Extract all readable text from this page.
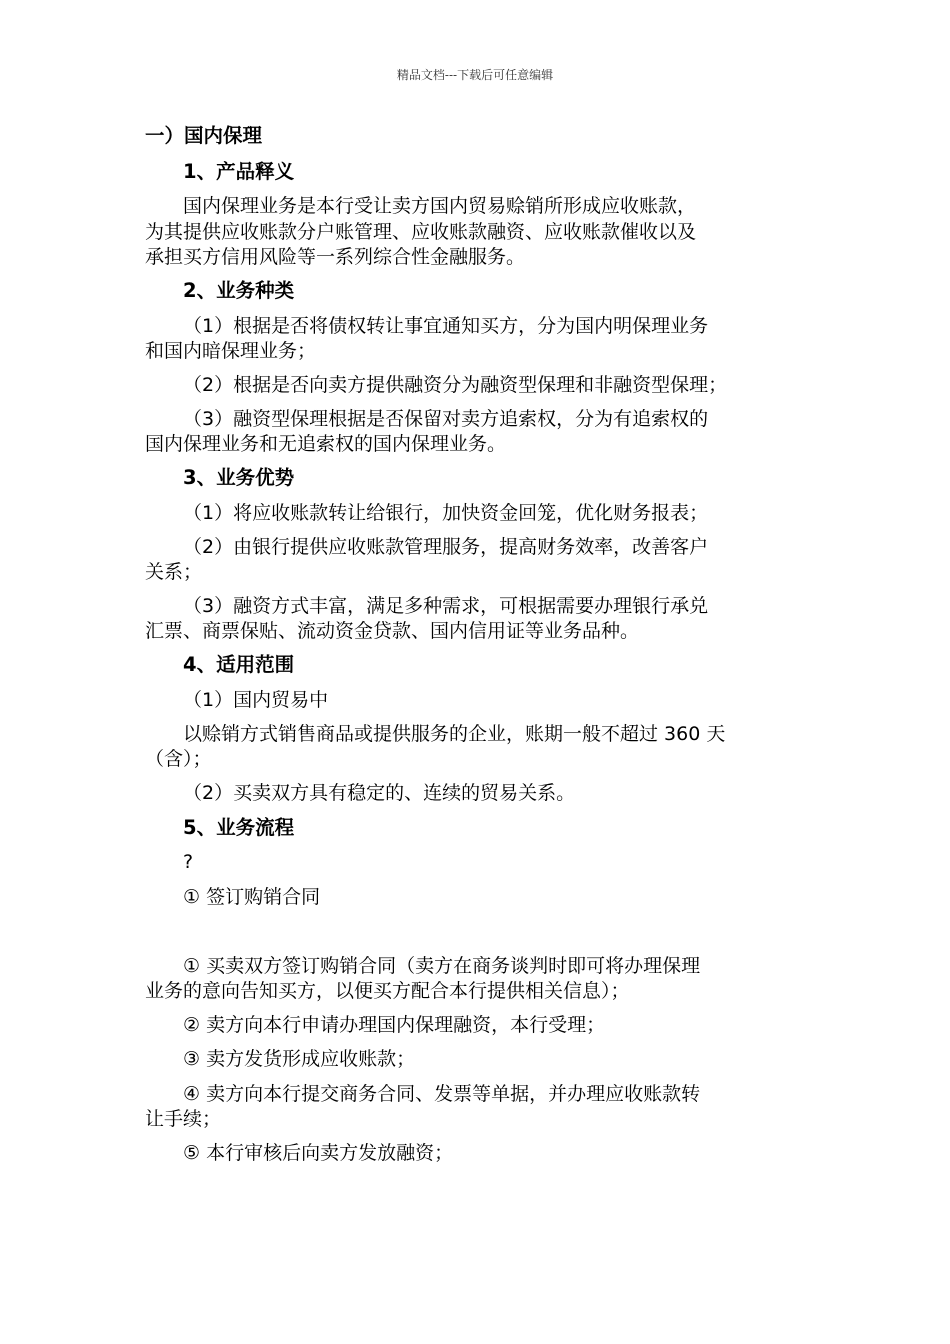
精品文档---下载后可任意编辑
一）国内保理
1、产品释义
国内保理业务是本行受让卖方国内贸易赊销所形成应收账款，
为其提供应收账款分户账管理、应收账款融资、应收账款催收以及
承担买方信用风险等一系列综合性金融服务。
2、业务种类
（1）根据是否将债权转让事宜通知买方，分为国内明保理业务
和国内暗保理业务；
（2）根据是否向卖方提供融资分为融资型保理和非融资型保理；
（3）融资型保理根据是否保留对卖方追索权，分为有追索权的
国内保理业务和无追索权的国内保理业务。
3、业务优势
（1）将应收账款转让给银行，加快资金回笼，优化财务报表；
（2）由银行提供应收账款管理服务，提高财务效率，改善客户
关系；
（3）融资方式丰富，满足多种需求，可根据需要办理银行承兑
汇票、商票保贴、流动资金贷款、国内信用证等业务品种。
4、适用范围
（1）国内贸易中
以赊销方式销售商品或提供服务的企业，账期一般不超过 360 天
（含）；
（2）买卖双方具有稳定的、连续的贸易关系。
5、业务流程
?
① 签订购销合同
① 买卖双方签订购销合同（卖方在商务谈判时即可将办理保理
业务的意向告知买方，以便买方配合本行提供相关信息）；
② 卖方向本行申请办理国内保理融资，本行受理；
③ 卖方发货形成应收账款；
④ 卖方向本行提交商务合同、发票等单据，并办理应收账款转
让手续；
⑤ 本行审核后向卖方发放融资；
